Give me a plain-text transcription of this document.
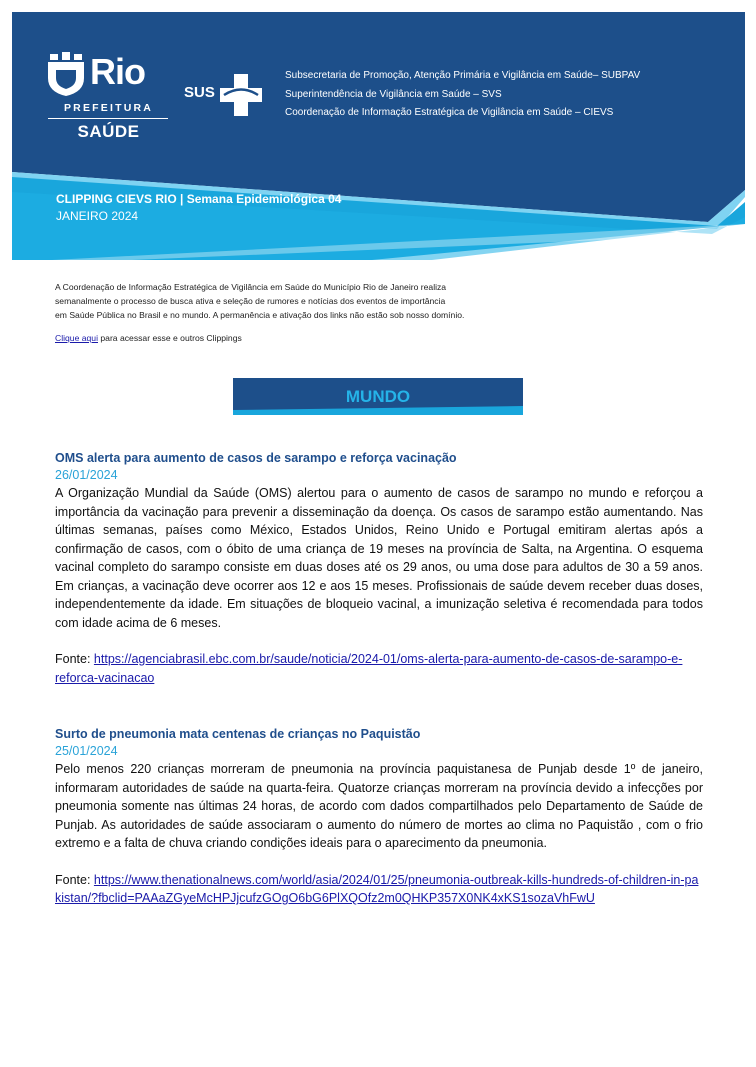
Rio
PREFEITURA
SAÚDE
SUS
Subsecretaria de Promoção, Atenção Primária e Vigilância em Saúde– SUBPAV
Superintendência de Vigilância em Saúde – SVS
Coordenação de Informação Estratégica de Vigilância em Saúde – CIEVS
CLIPPING CIEVS RIO | Semana Epidemiológica 04
JANEIRO 2024

A Coordenação de Informação Estratégica de Vigilância em Saúde do Município Rio de Janeiro realiza

semanalmente o processo de busca ativa e seleção de rumores e notícias dos eventos de importância

em Saúde Pública no Brasil e no mundo. A permanência e ativação dos links não estão sob nosso domínio.

Clique aqui para acessar esse e outros Clippings
MUNDO
OMS alerta para aumento de casos de sarampo e reforça vacinação
26/01/2024

A Organização Mundial da Saúde (OMS) alertou para o aumento de casos de sarampo no mundo e reforçou a importância da vacinação para prevenir a disseminação da doença. Os casos de sarampo estão aumentando. Nas últimas semanas, países como México, Estados Unidos, Reino Unido e Portugal emitiram alertas após a confirmação de casos, com o óbito de uma criança de 19 meses na província de Salta, na Argentina. O esquema vacinal completo do sarampo consiste em duas doses até os 29 anos, ou uma dose para adultos de 30 a 59 anos. Em crianças, a vacinação deve ocorrer aos 12 e aos 15 meses. Profissionais de saúde devem receber duas doses, independentemente da idade. Em situações de bloqueio vacinal, a imunização seletiva é recomendada para todos com idade acima de 6 meses.

Fonte: https://agenciabrasil.ebc.com.br/saude/noticia/2024-01/oms-alerta-para-aumento-de-casos-de-sarampo-e-reforca-vacinacao
Surto de pneumonia mata centenas de crianças no Paquistão
25/01/2024

Pelo menos 220 crianças morreram de pneumonia na província paquistanesa de Punjab desde 1º de janeiro, informaram autoridades de saúde na quarta-feira. Quatorze crianças morreram na província devido a infecções por pneumonia somente nas últimas 24 horas, de acordo com dados compartilhados pelo Departamento de Saúde de Punjab. As autoridades de saúde associaram o aumento do número de mortes ao clima no Paquistão , com o frio extremo e a falta de chuva criando condições ideais para o aparecimento da pneumonia.

Fonte: https://www.thenationalnews.com/world/asia/2024/01/25/pneumonia-outbreak-kills-hundreds-of-children-in-pakistan/?fbclid=PAAaZGyeMcHPJjcufzGOgO6bG6PlXQOfz2m0QHKP357X0NK4xKS1sozaVhFwU
